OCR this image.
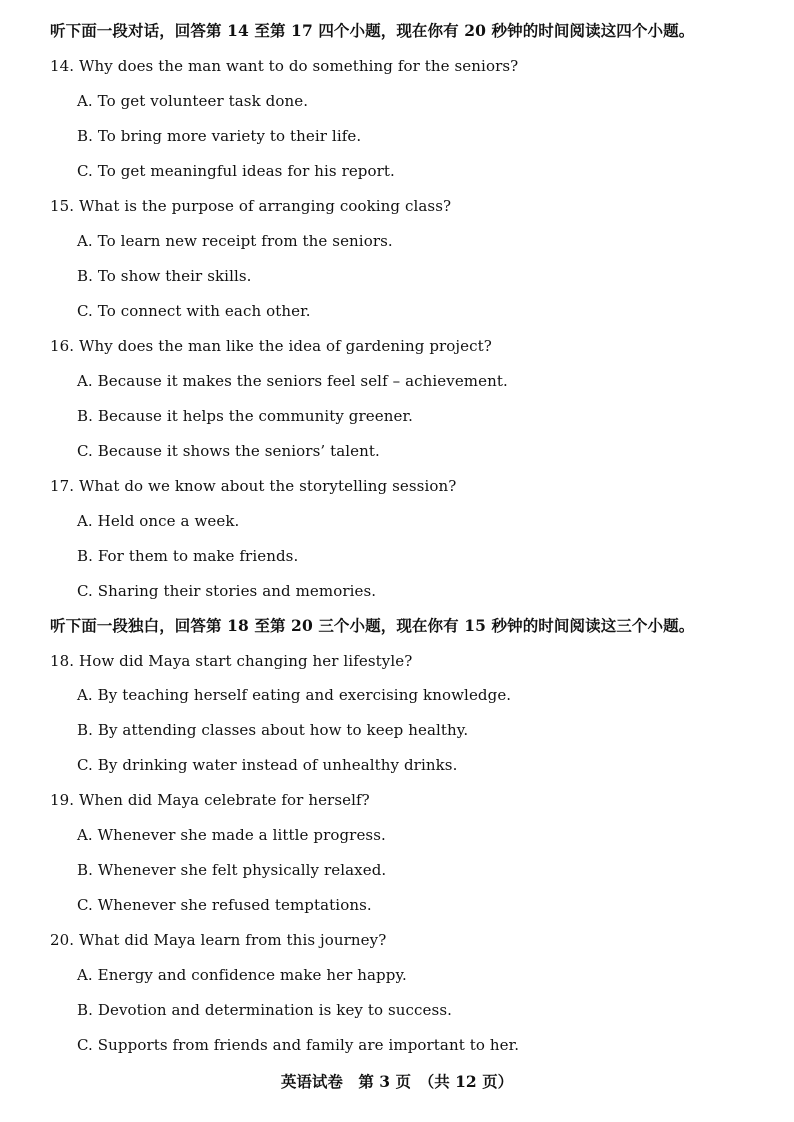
听下面一段对话，回答第 14 至第 17 四个小题，现在你有 20 秒钟的时间阅读这四个小题。
14. Why does the man want to do something for the seniors?
A. To get volunteer task done.
B. To bring more variety to their life.
C. To get meaningful ideas for his report.
15. What is the purpose of arranging cooking class?
A. To learn new receipt from the seniors.
B. To show their skills.
C. To connect with each other.
16. Why does the man like the idea of gardening project?
A. Because it makes the seniors feel self – achievement.
B. Because it helps the community greener.
C. Because it shows the seniors’ talent.
17. What do we know about the storytelling session?
A. Held once a week.
B. For them to make friends.
C. Sharing their stories and memories.
听下面一段独白，回答第 18 至第 20 三个小题，现在你有 15 秒钟的时间阅读这三个小题。
18. How did Maya start changing her lifestyle?
A. By teaching herself eating and exercising knowledge.
B. By attending classes about how to keep healthy.
C. By drinking water instead of unhealthy drinks.
19. When did Maya celebrate for herself?
A. Whenever she made a little progress.
B. Whenever she felt physically relaxed.
C. Whenever she refused temptations.
20. What did Maya learn from this journey?
A. Energy and confidence make her happy.
B. Devotion and determination is key to success.
C. Supports from friends and family are important to her.
英语试卷　第 3 页　（共 12 页）
